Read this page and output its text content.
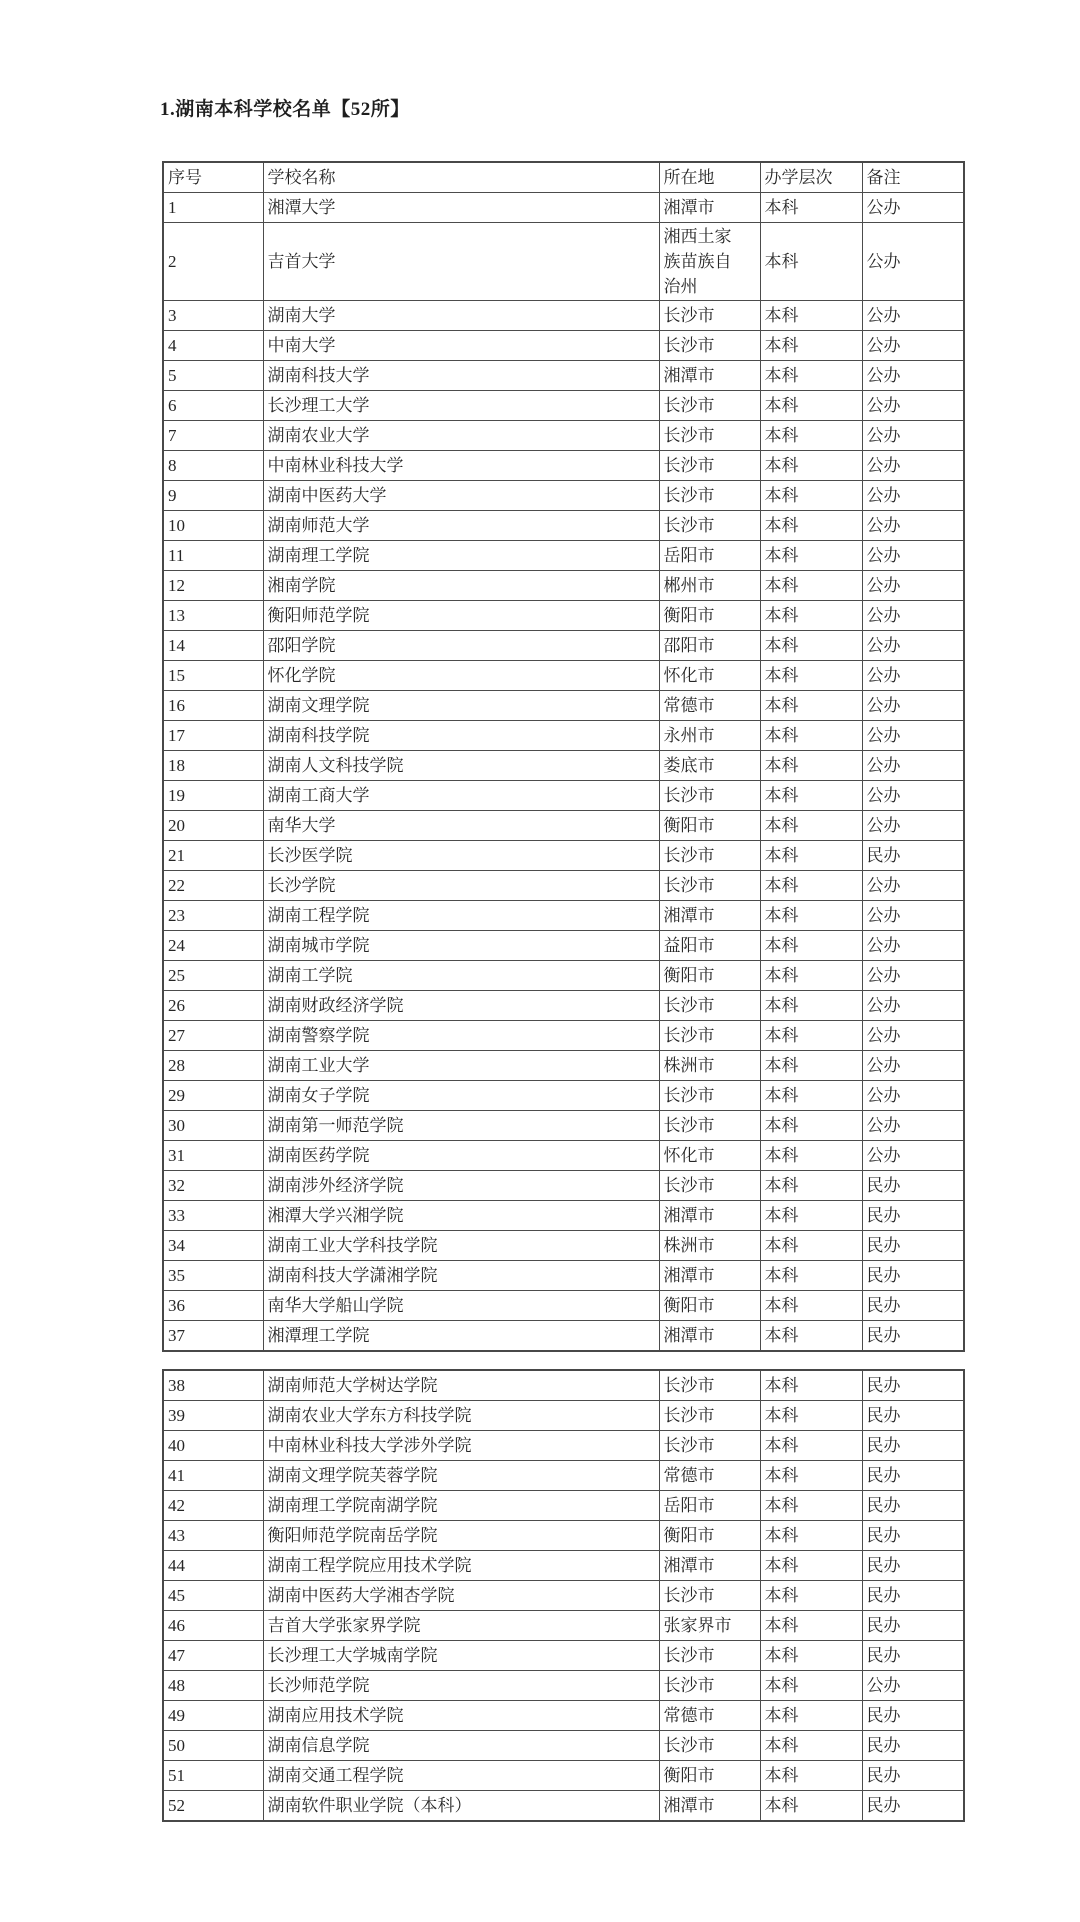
1.湖南本科学校名单【52所】
序号	学校名称	所在地	办学层次	备注
1	湘潭大学	湘潭市	本科	公办
2	吉首大学	湘西土家族苗族自治州	本科	公办
3	湖南大学	长沙市	本科	公办
4	中南大学	长沙市	本科	公办
5	湖南科技大学	湘潭市	本科	公办
6	长沙理工大学	长沙市	本科	公办
7	湖南农业大学	长沙市	本科	公办
8	中南林业科技大学	长沙市	本科	公办
9	湖南中医药大学	长沙市	本科	公办
10	湖南师范大学	长沙市	本科	公办
11	湖南理工学院	岳阳市	本科	公办
12	湘南学院	郴州市	本科	公办
13	衡阳师范学院	衡阳市	本科	公办
14	邵阳学院	邵阳市	本科	公办
15	怀化学院	怀化市	本科	公办
16	湖南文理学院	常德市	本科	公办
17	湖南科技学院	永州市	本科	公办
18	湖南人文科技学院	娄底市	本科	公办
19	湖南工商大学	长沙市	本科	公办
20	南华大学	衡阳市	本科	公办
21	长沙医学院	长沙市	本科	民办
22	长沙学院	长沙市	本科	公办
23	湖南工程学院	湘潭市	本科	公办
24	湖南城市学院	益阳市	本科	公办
25	湖南工学院	衡阳市	本科	公办
26	湖南财政经济学院	长沙市	本科	公办
27	湖南警察学院	长沙市	本科	公办
28	湖南工业大学	株洲市	本科	公办
29	湖南女子学院	长沙市	本科	公办
30	湖南第一师范学院	长沙市	本科	公办
31	湖南医药学院	怀化市	本科	公办
32	湖南涉外经济学院	长沙市	本科	民办
33	湘潭大学兴湘学院	湘潭市	本科	民办
34	湖南工业大学科技学院	株洲市	本科	民办
35	湖南科技大学潇湘学院	湘潭市	本科	民办
36	南华大学船山学院	衡阳市	本科	民办
37	湘潭理工学院	湘潭市	本科	民办
38	湖南师范大学树达学院	长沙市	本科	民办
39	湖南农业大学东方科技学院	长沙市	本科	民办
40	中南林业科技大学涉外学院	长沙市	本科	民办
41	湖南文理学院芙蓉学院	常德市	本科	民办
42	湖南理工学院南湖学院	岳阳市	本科	民办
43	衡阳师范学院南岳学院	衡阳市	本科	民办
44	湖南工程学院应用技术学院	湘潭市	本科	民办
45	湖南中医药大学湘杏学院	长沙市	本科	民办
46	吉首大学张家界学院	张家界市	本科	民办
47	长沙理工大学城南学院	长沙市	本科	民办
48	长沙师范学院	长沙市	本科	公办
49	湖南应用技术学院	常德市	本科	民办
50	湖南信息学院	长沙市	本科	民办
51	湖南交通工程学院	衡阳市	本科	民办
52	湖南软件职业学院（本科）	湘潭市	本科	民办
